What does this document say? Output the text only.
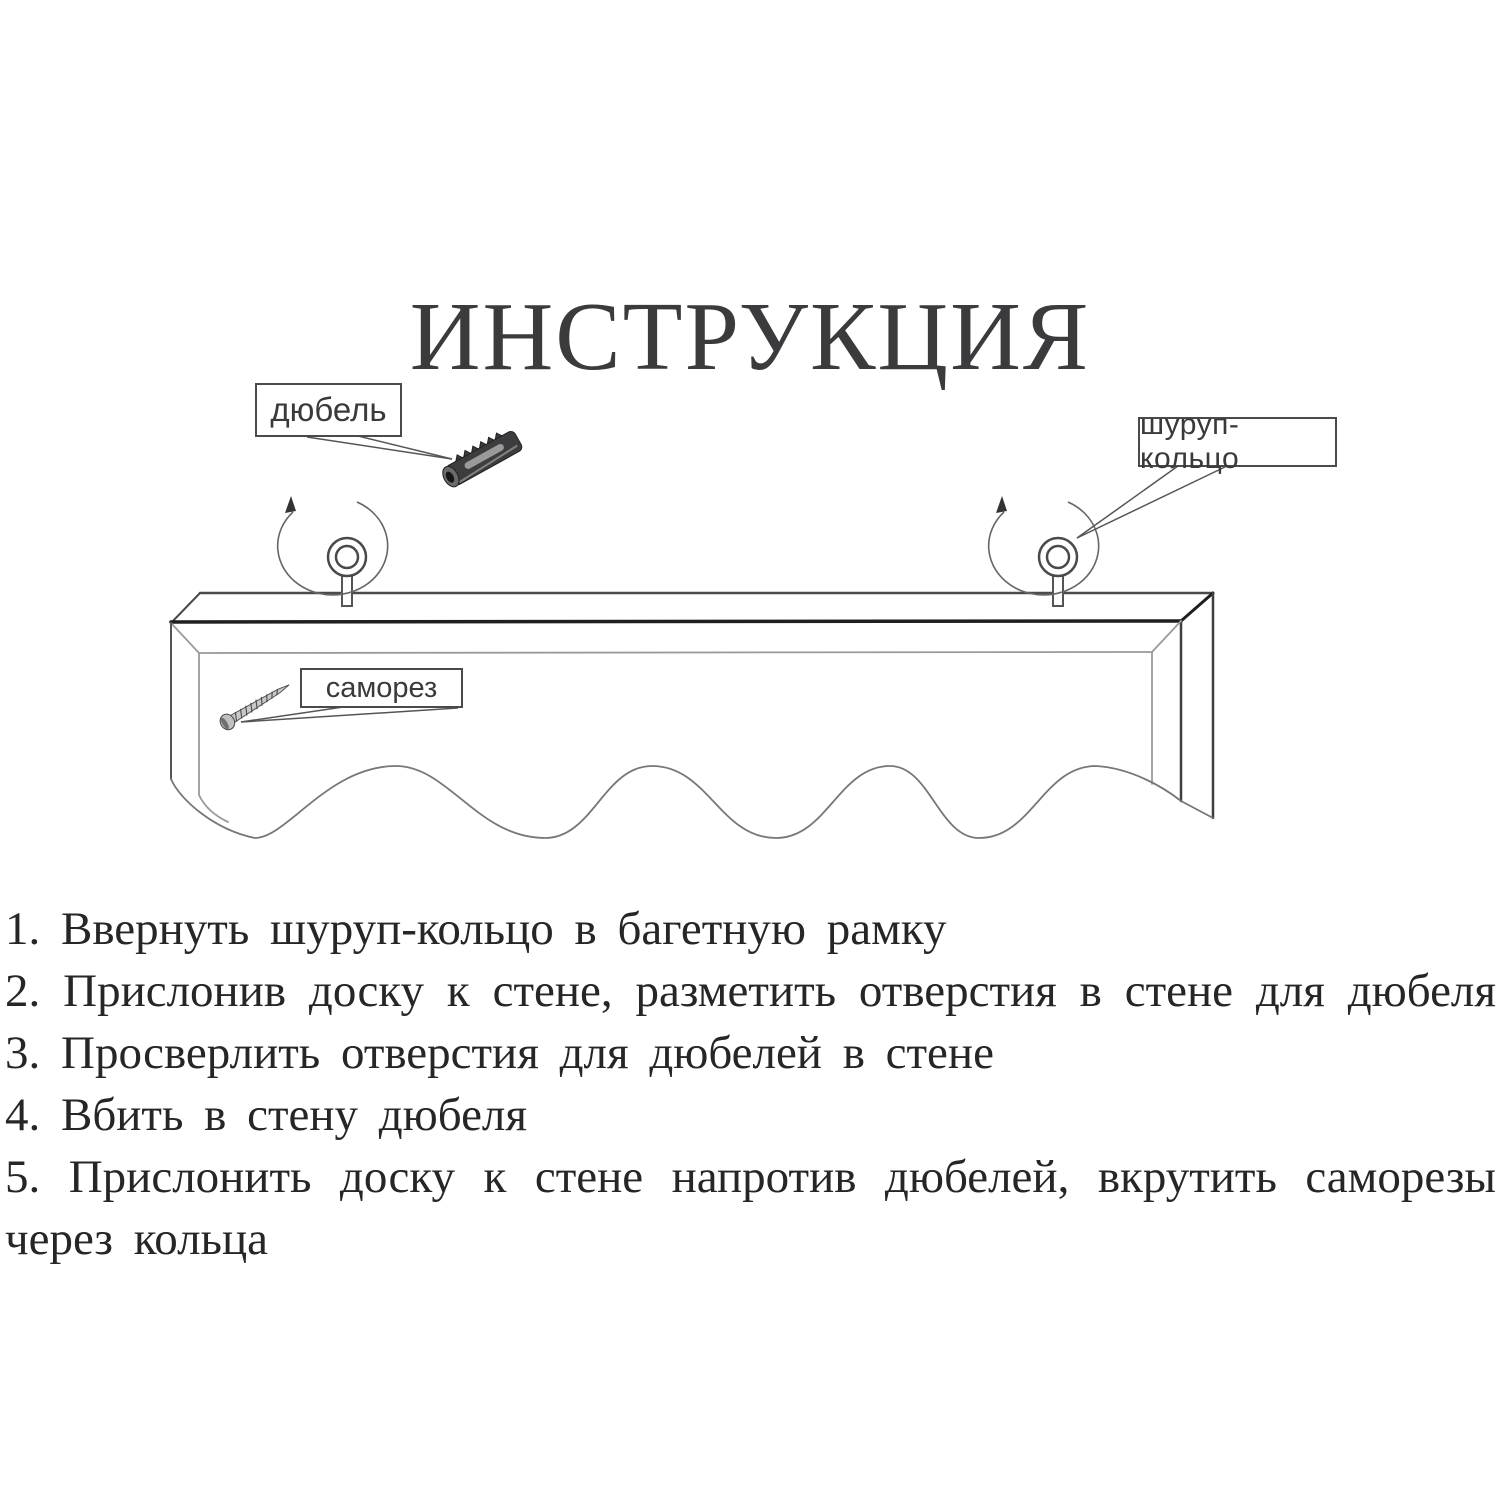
ИНСТРУКЦИЯ
дюбель	шуруп-кольцо
саморез
1. Ввернуть шуруп-кольцо в багетную рамку
2. Прислонив доску к стене, разметить отверстия в стене для дюбеля
3. Просверлить отверстия для дюбелей в стене
4. Вбить в стену дюбеля
5. Прислонить доску к стене напротив дюбелей, вкрутить саморезы
через кольца
